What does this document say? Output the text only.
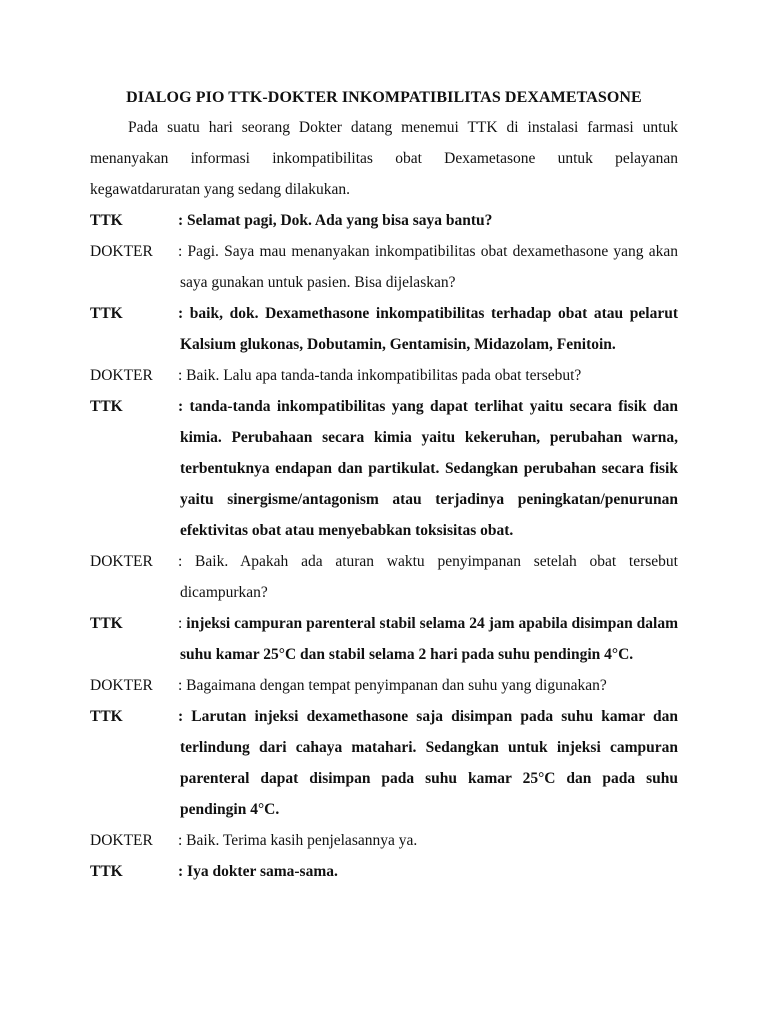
DIALOG PIO TTK-DOKTER INKOMPATIBILITAS DEXAMETASONE

Pada suatu hari seorang Dokter datang menemui TTK di instalasi farmasi untuk menanyakan informasi inkompatibilitas obat Dexametasone untuk pelayanan kegawatdaruratan yang sedang dilakukan.

TTK	: Selamat pagi, Dok. Ada yang bisa saya bantu?

DOKTER : Pagi. Saya mau menanyakan inkompatibilitas obat dexamethasone yang akan saya gunakan untuk pasien. Bisa dijelaskan?

TTK	: baik, dok. Dexamethasone inkompatibilitas terhadap obat atau pelarut Kalsium glukonas, Dobutamin, Gentamisin, Midazolam, Fenitoin.

DOKTER : Baik. Lalu apa tanda-tanda inkompatibilitas pada obat tersebut?

TTK	: tanda-tanda inkompatibilitas yang dapat terlihat yaitu secara fisik dan kimia. Perubahaan secara kimia yaitu kekeruhan, perubahan warna, terbentuknya endapan dan partikulat. Sedangkan perubahan secara fisik yaitu sinergisme/antagonism atau terjadinya peningkatan/penurunan efektivitas obat atau menyebabkan toksisitas obat.

DOKTER : Baik. Apakah ada aturan waktu penyimpanan setelah obat tersebut dicampurkan?

TTK	: injeksi campuran parenteral stabil selama 24 jam apabila disimpan dalam suhu kamar 25°C dan stabil selama 2 hari pada suhu pendingin 4°C.

DOKTER : Bagaimana dengan tempat penyimpanan dan suhu yang digunakan?

TTK	: Larutan injeksi dexamethasone saja disimpan pada suhu kamar dan terlindung dari cahaya matahari. Sedangkan untuk injeksi campuran parenteral dapat disimpan pada suhu kamar 25°C dan pada suhu pendingin 4°C.

DOKTER : Baik. Terima kasih penjelasannya ya.

TTK	: Iya dokter sama-sama.
